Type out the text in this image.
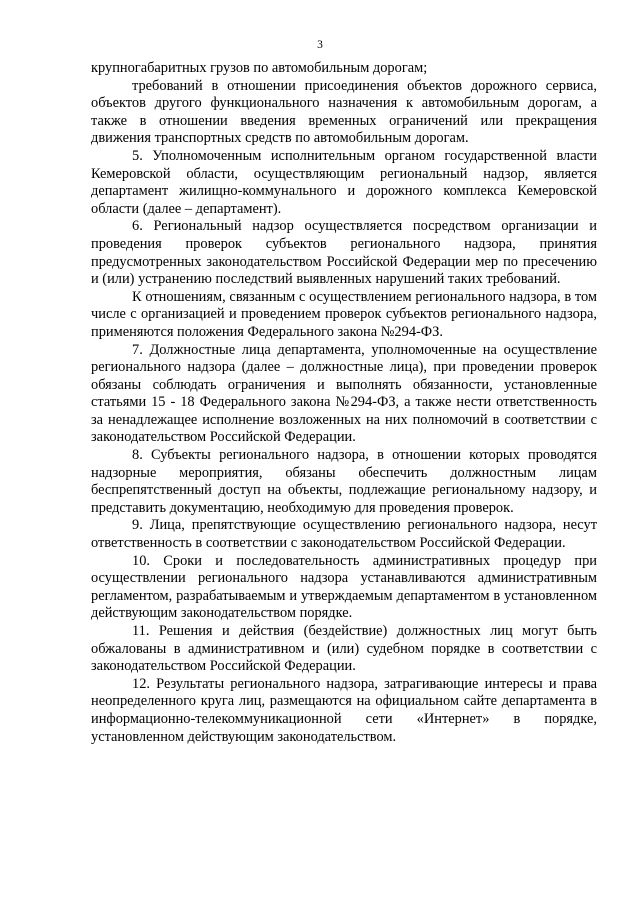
3

крупногабаритных грузов по автомобильным дорогам;

требований в отношении присоединения объектов дорожного сервиса, объектов другого функционального назначения к автомобильным дорогам, а также в отношении введения временных ограничений или прекращения движения транспортных средств по автомобильным дорогам.

5. Уполномоченным исполнительным органом государственной власти Кемеровской области, осуществляющим региональный надзор, является департамент жилищно-коммунального и дорожного комплекса Кемеровской области (далее – департамент).

6. Региональный надзор осуществляется посредством организации и проведения проверок субъектов регионального надзора, принятия предусмотренных законодательством Российской Федерации мер по пресечению и (или) устранению последствий выявленных нарушений таких требований.

К отношениям, связанным с осуществлением регионального надзора, в том числе с организацией и проведением проверок субъектов регионального надзора, применяются положения Федерального закона №294-ФЗ.

7. Должностные лица департамента, уполномоченные на осуществление регионального надзора (далее – должностные лица), при проведении проверок обязаны соблюдать ограничения и выполнять обязанности, установленные статьями 15 - 18 Федерального закона №294-ФЗ, а также нести ответственность за ненадлежащее исполнение возложенных на них полномочий в соответствии с законодательством Российской Федерации.

8. Субъекты регионального надзора, в отношении которых проводятся надзорные мероприятия, обязаны обеспечить должностным лицам беспрепятственный доступ на объекты, подлежащие региональному надзору, и представить документацию, необходимую для проведения проверок.

9. Лица, препятствующие осуществлению регионального надзора, несут ответственность в соответствии с законодательством Российской Федерации.

10. Сроки и последовательность административных процедур при осуществлении регионального надзора устанавливаются административным регламентом, разрабатываемым и утверждаемым департаментом в установленном действующим законодательством порядке.

11. Решения и действия (бездействие) должностных лиц могут быть обжалованы в административном и (или) судебном порядке в соответствии с законодательством Российской Федерации.

12. Результаты регионального надзора, затрагивающие интересы и права неопределенного круга лиц, размещаются на официальном сайте департамента в информационно-телекоммуникационной сети «Интернет» в порядке, установленном действующим законодательством.
